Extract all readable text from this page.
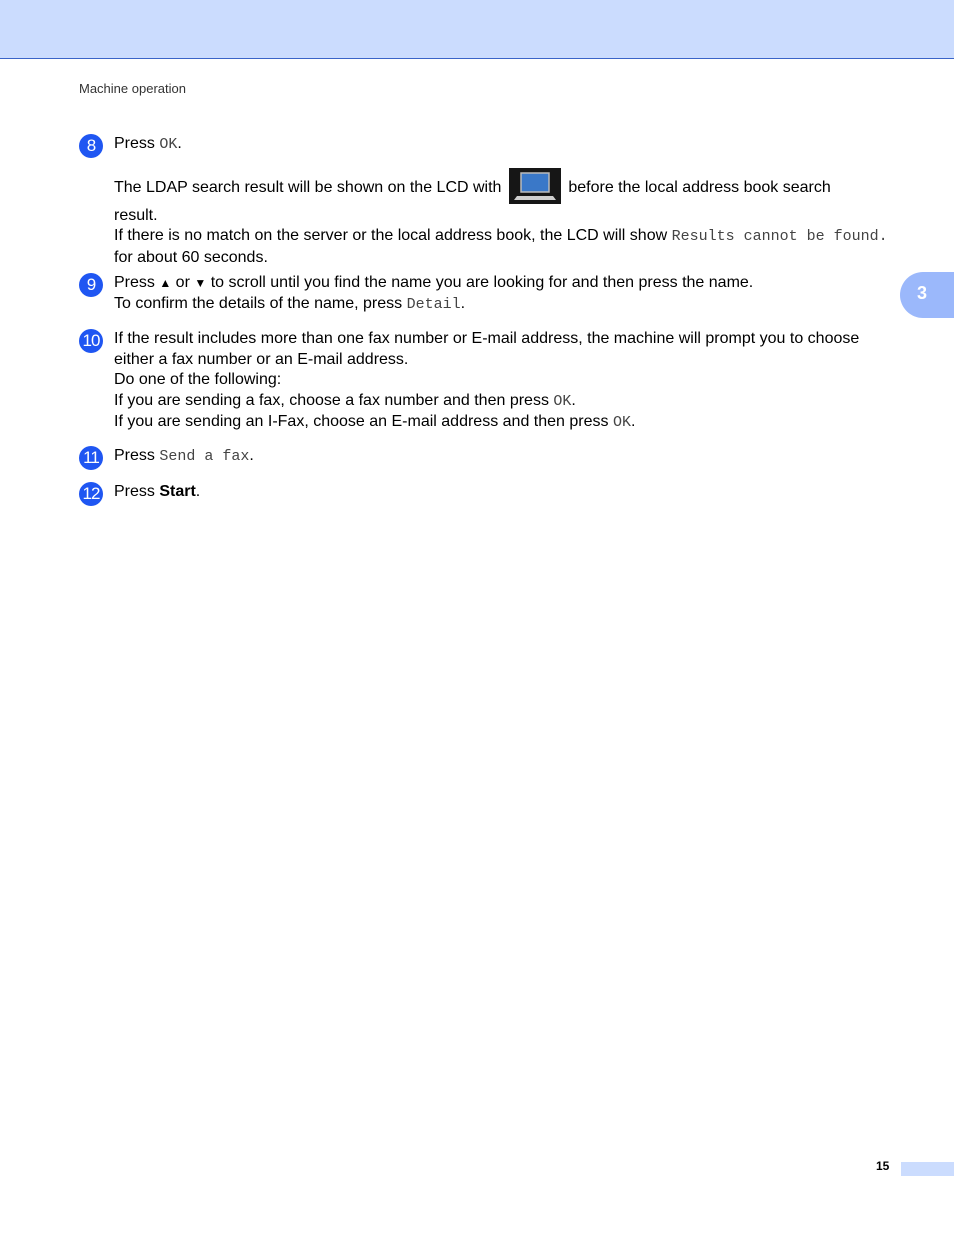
Machine operation
3
8	Press OK.
The LDAP search result will be shown on the LCD with	before the local address book search
result.
If there is no match on the server or the local address book, the LCD will show Results cannot be found. for about 60 seconds.
9	Press ▲ or ▼ to scroll until you find the name you are looking for and then press the name.
To confirm the details of the name, press Detail.
10 If the result includes more than one fax number or E-mail address, the machine will prompt you to choose either a fax number or an E-mail address.
Do one of the following:
If you are sending a fax, choose a fax number and then press OK.
If you are sending an I-Fax, choose an E-mail address and then press OK.
11 Press Send a fax.
12 Press Start.
15
